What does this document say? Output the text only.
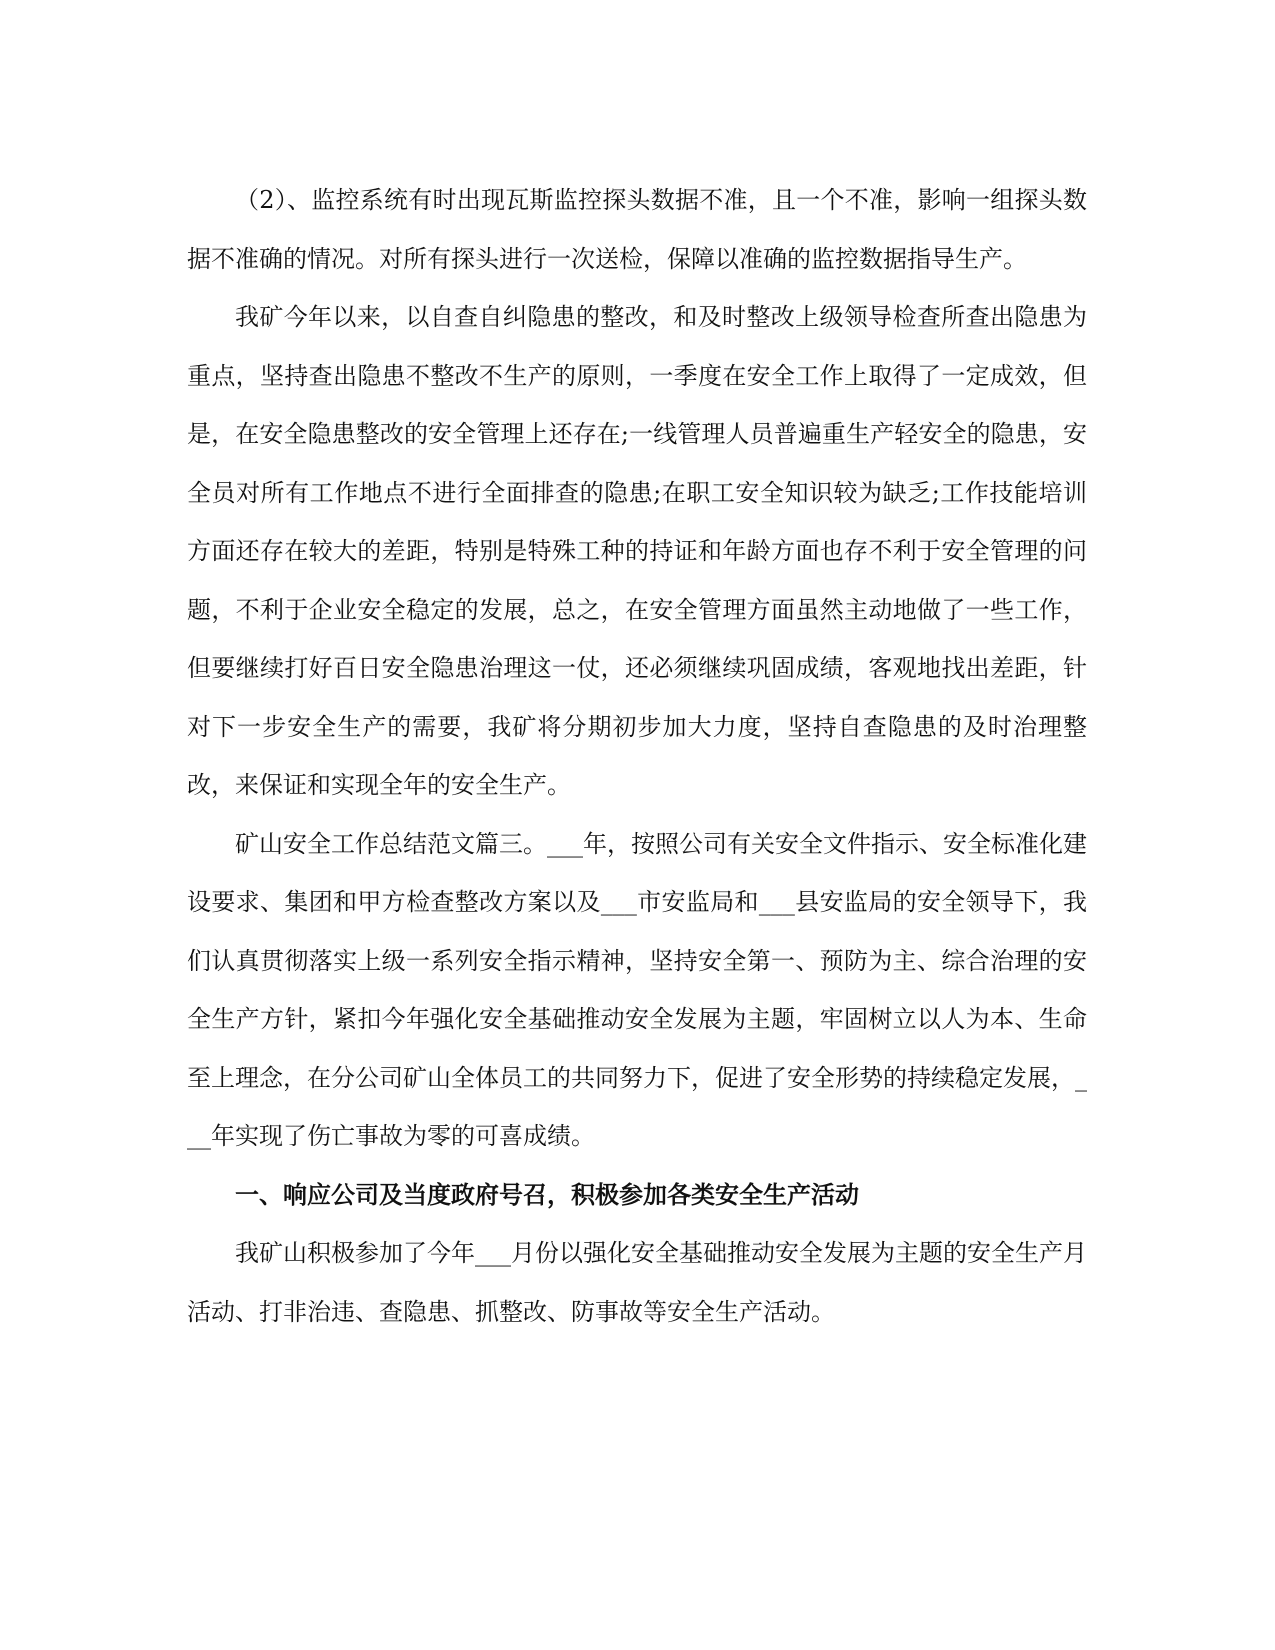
（2）、监控系统有时出现瓦斯监控探头数据不准，且一个不准，影响一组探头数据不准确的情况。对所有探头进行一次送检，保障以准确的监控数据指导生产。

我矿今年以来，以自查自纠隐患的整改，和及时整改上级领导检查所查出隐患为重点，坚持查出隐患不整改不生产的原则，一季度在安全工作上取得了一定成效，但是，在安全隐患整改的安全管理上还存在;一线管理人员普遍重生产轻安全的隐患，安全员对所有工作地点不进行全面排查的隐患;在职工安全知识较为缺乏;工作技能培训方面还存在较大的差距，特别是特殊工种的持证和年龄方面也存不利于安全管理的问题，不利于企业安全稳定的发展，总之，在安全管理方面虽然主动地做了一些工作，但要继续打好百日安全隐患治理这一仗，还必须继续巩固成绩，客观地找出差距，针对下一步安全生产的需要，我矿将分期初步加大力度，坚持自查隐患的及时治理整改，来保证和实现全年的安全生产。

矿山安全工作总结范文篇三。___年，按照公司有关安全文件指示、安全标准化建设要求、集团和甲方检查整改方案以及___市安监局和___县安监局的安全领导下，我们认真贯彻落实上级一系列安全指示精神，坚持安全第一、预防为主、综合治理的安全生产方针，紧扣今年强化安全基础推动安全发展为主题，牢固树立以人为本、生命至上理念，在分公司矿山全体员工的共同努力下，促进了安全形势的持续稳定发展，___年实现了伤亡事故为零的可喜成绩。

一、响应公司及当度政府号召，积极参加各类安全生产活动

我矿山积极参加了今年___月份以强化安全基础推动安全发展为主题的安全生产月活动、打非治违、查隐患、抓整改、防事故等安全生产活动。
